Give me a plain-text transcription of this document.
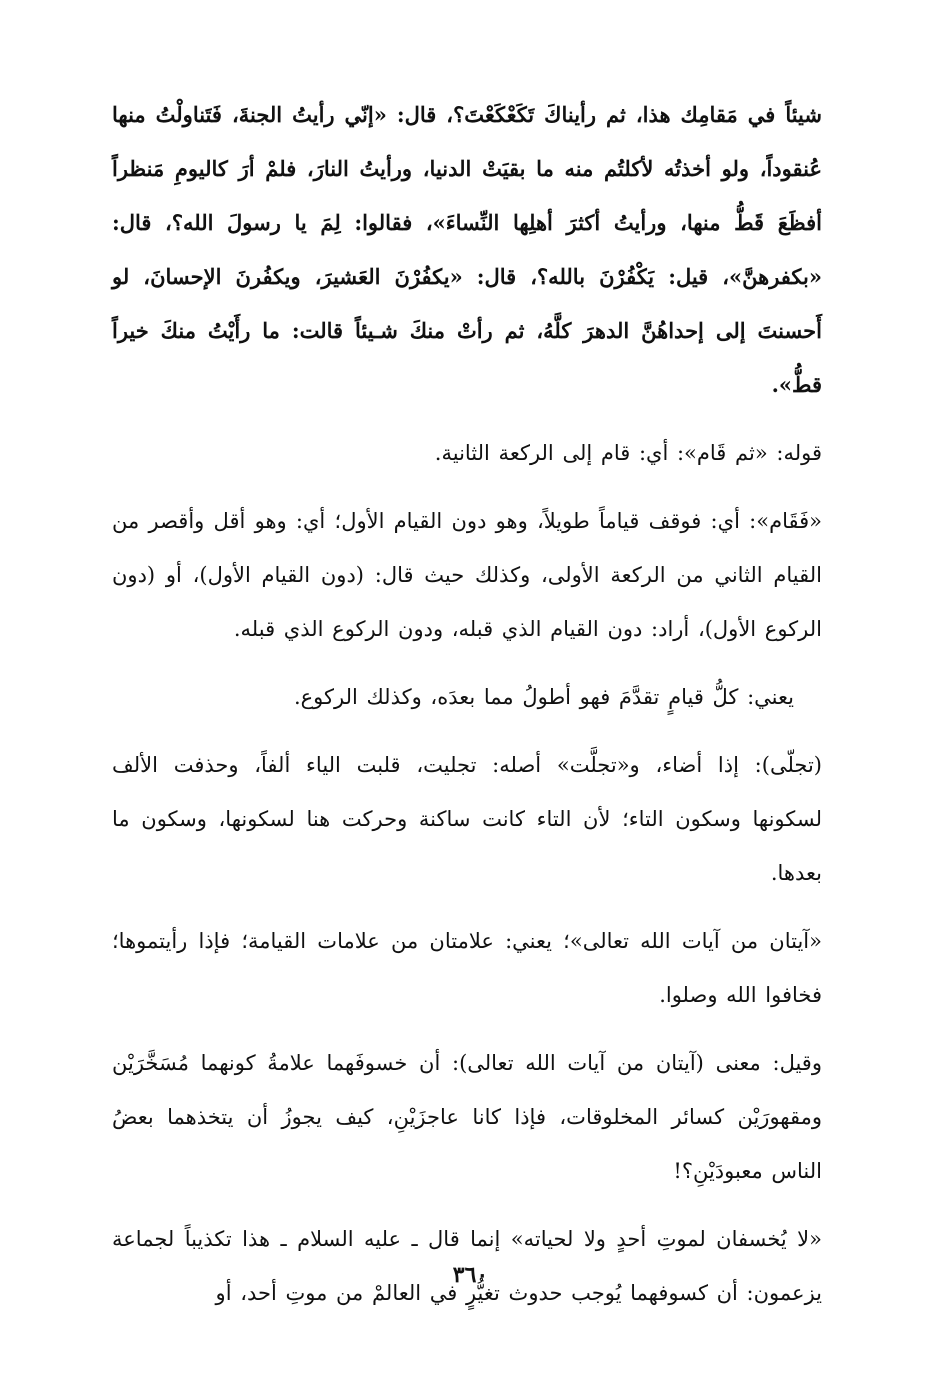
شيئاً في مَقامِك هذا، ثم رأيناكَ تَكَعْكَعْتَ؟، قال: «إنّي رأيتُ الجنةَ، فَتَناولْتُ منها عُنقوداً، ولو أخذتُه لأكلتُم منه ما بقيَتْ الدنيا، ورأيتُ النارَ، فلمْ أرَ كاليومِ مَنظراً أفظَعَ قَطُّ منها، ورأيتُ أكثرَ أهلِها النِّساءَ»، فقالوا: لِمَ يا رسولَ الله؟، قال: «بكفرهنَّ»، قيل: يَكْفُرْنَ بالله؟، قال: «يكفُرْنَ العَشيرَ، ويكفُرنَ الإحسانَ، لو أَحسنتَ إلى إحداهُنَّ الدهرَ كلَّهُ، ثم رأتْ منكَ شـيئاً قالت: ما رأَيْتُ منكَ خيراً قطُّ».

قوله: «ثم قَام»: أي: قام إلى الركعة الثانية.

«فَقَام»: أي: فوقف قياماً طويلاً، وهو دون القيام الأول؛ أي: وهو أقل وأقصر من القيام الثاني من الركعة الأولى، وكذلك حيث قال: (دون القيام الأول)، أو (دون الركوع الأول)، أراد: دون القيام الذي قبله، ودون الركوع الذي قبله.

يعني: كلُّ قيامٍ تقدَّمَ فهو أطولُ مما بعدَه، وكذلك الركوع.

(تجلّى): إذا أضاء، و«تجلَّت» أصله: تجليت، قلبت الياء ألفاً، وحذفت الألف لسكونها وسكون التاء؛ لأن التاء كانت ساكنة وحركت هنا لسكونها، وسكون ما بعدها.

«آيتان من آيات الله تعالى»؛ يعني: علامتان من علامات القيامة؛ فإذا رأيتموها؛ فخافوا الله وصلوا.

وقيل: معنى (آيتان من آيات الله تعالى): أن خسوفَهما علامةُ كونهما مُسَخَّرَيْن ومقهورَيْن كسائر المخلوقات، فإذا كانا عاجزَيْنِ، كيف يجوزُ أن يتخذهما بعضُ الناس معبودَيْنِ؟!

«لا يُخسفان لموتِ أحدٍ ولا لحياته» إنما قال ـ عليه السلام ـ هذا تكذيباً لجماعة يزعمون: أن كسوفهما يُوجب حدوث تغيُّرٍ في العالمْ من موتِ أحد، أو

٣٦٠
